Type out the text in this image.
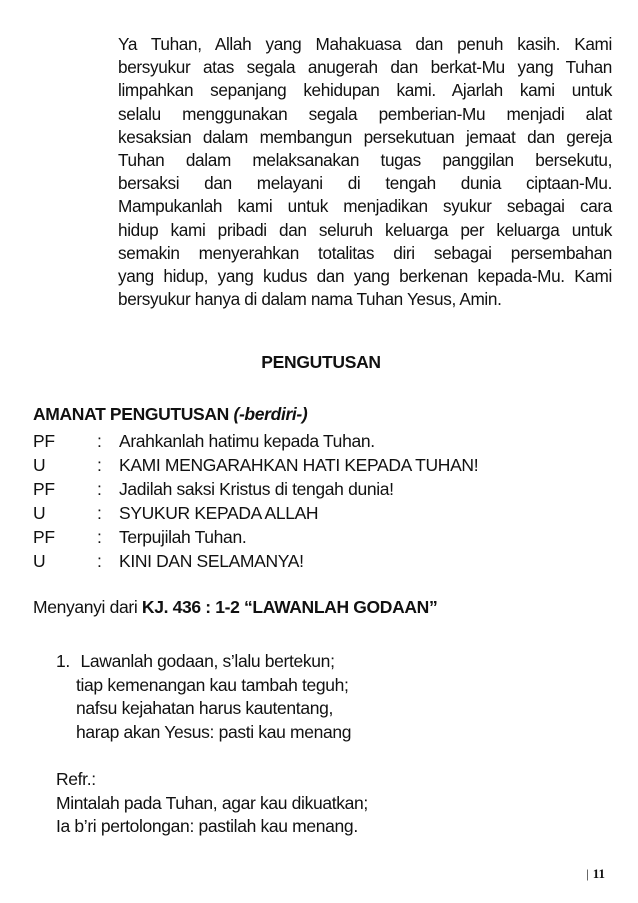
Ya Tuhan, Allah yang Mahakuasa dan penuh kasih. Kami
bersyukur atas segala anugerah dan berkat-Mu yang Tuhan
limpahkan sepanjang kehidupan kami. Ajarlah kami untuk
selalu menggunakan segala pemberian-Mu menjadi alat
kesaksian dalam membangun persekutuan jemaat dan gereja
Tuhan dalam melaksanakan tugas panggilan bersekutu,
bersaksi dan melayani di tengah dunia ciptaan-Mu.
Mampukanlah kami untuk menjadikan syukur sebagai cara
hidup kami pribadi dan seluruh keluarga per keluarga untuk
semakin menyerahkan totalitas diri sebagai persembahan
yang hidup, yang kudus dan yang berkenan kepada-Mu. Kami
bersyukur hanya di dalam nama Tuhan Yesus, Amin.
PENGUTUSAN
AMANAT PENGUTUSAN (-berdiri-)
PF	: Arahkanlah hatimu kepada Tuhan.
U	: KAMI MENGARAHKAN HATI KEPADA TUHAN!
PF	: Jadilah saksi Kristus di tengah dunia!
U	: SYUKUR KEPADA ALLAH
PF	: Terpujilah Tuhan.
U	: KINI DAN SELAMANYA!
Menyanyi dari KJ. 436 : 1-2 “LAWANLAH GODAAN”
1. Lawanlah godaan, s’lalu bertekun;
tiap kemenangan kau tambah teguh;
nafsu kejahatan harus kautentang,
harap akan Yesus: pasti kau menang
Refr.:
Mintalah pada Tuhan, agar kau dikuatkan;
Ia b’ri pertolongan: pastilah kau menang.
| 11
